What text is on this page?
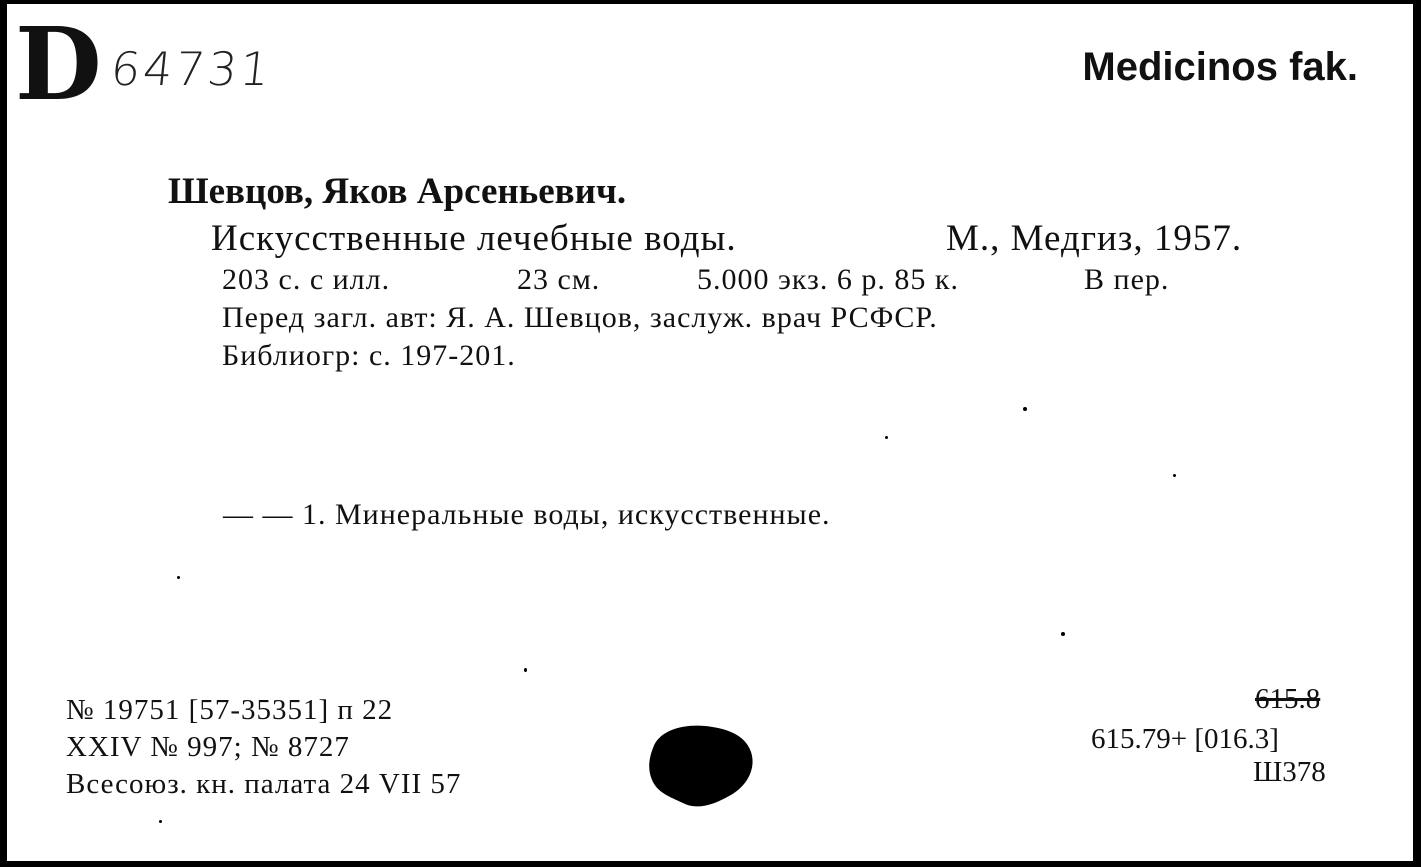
D 64731	Medicinos fak.
Шевцов, Яков Арсеньевич.
Искусственные лечебные воды.	М., Медгиз, 1957.
203 с. с илл.	23 см.	5.000 экз. 6 р. 85 к.	В пер.
Перед загл. авт: Я. А. Шевцов, заслуж. врач РСФСР.
Библиогр: с. 197-201.
— — 1. Минеральные воды, искусственные.
№ 19751 [57-35351] п 22
XXIV № 997; № 8727
Всесоюз. кн. палата 24 VII 57
615.8
615.79+ [016.3]
Ш378
